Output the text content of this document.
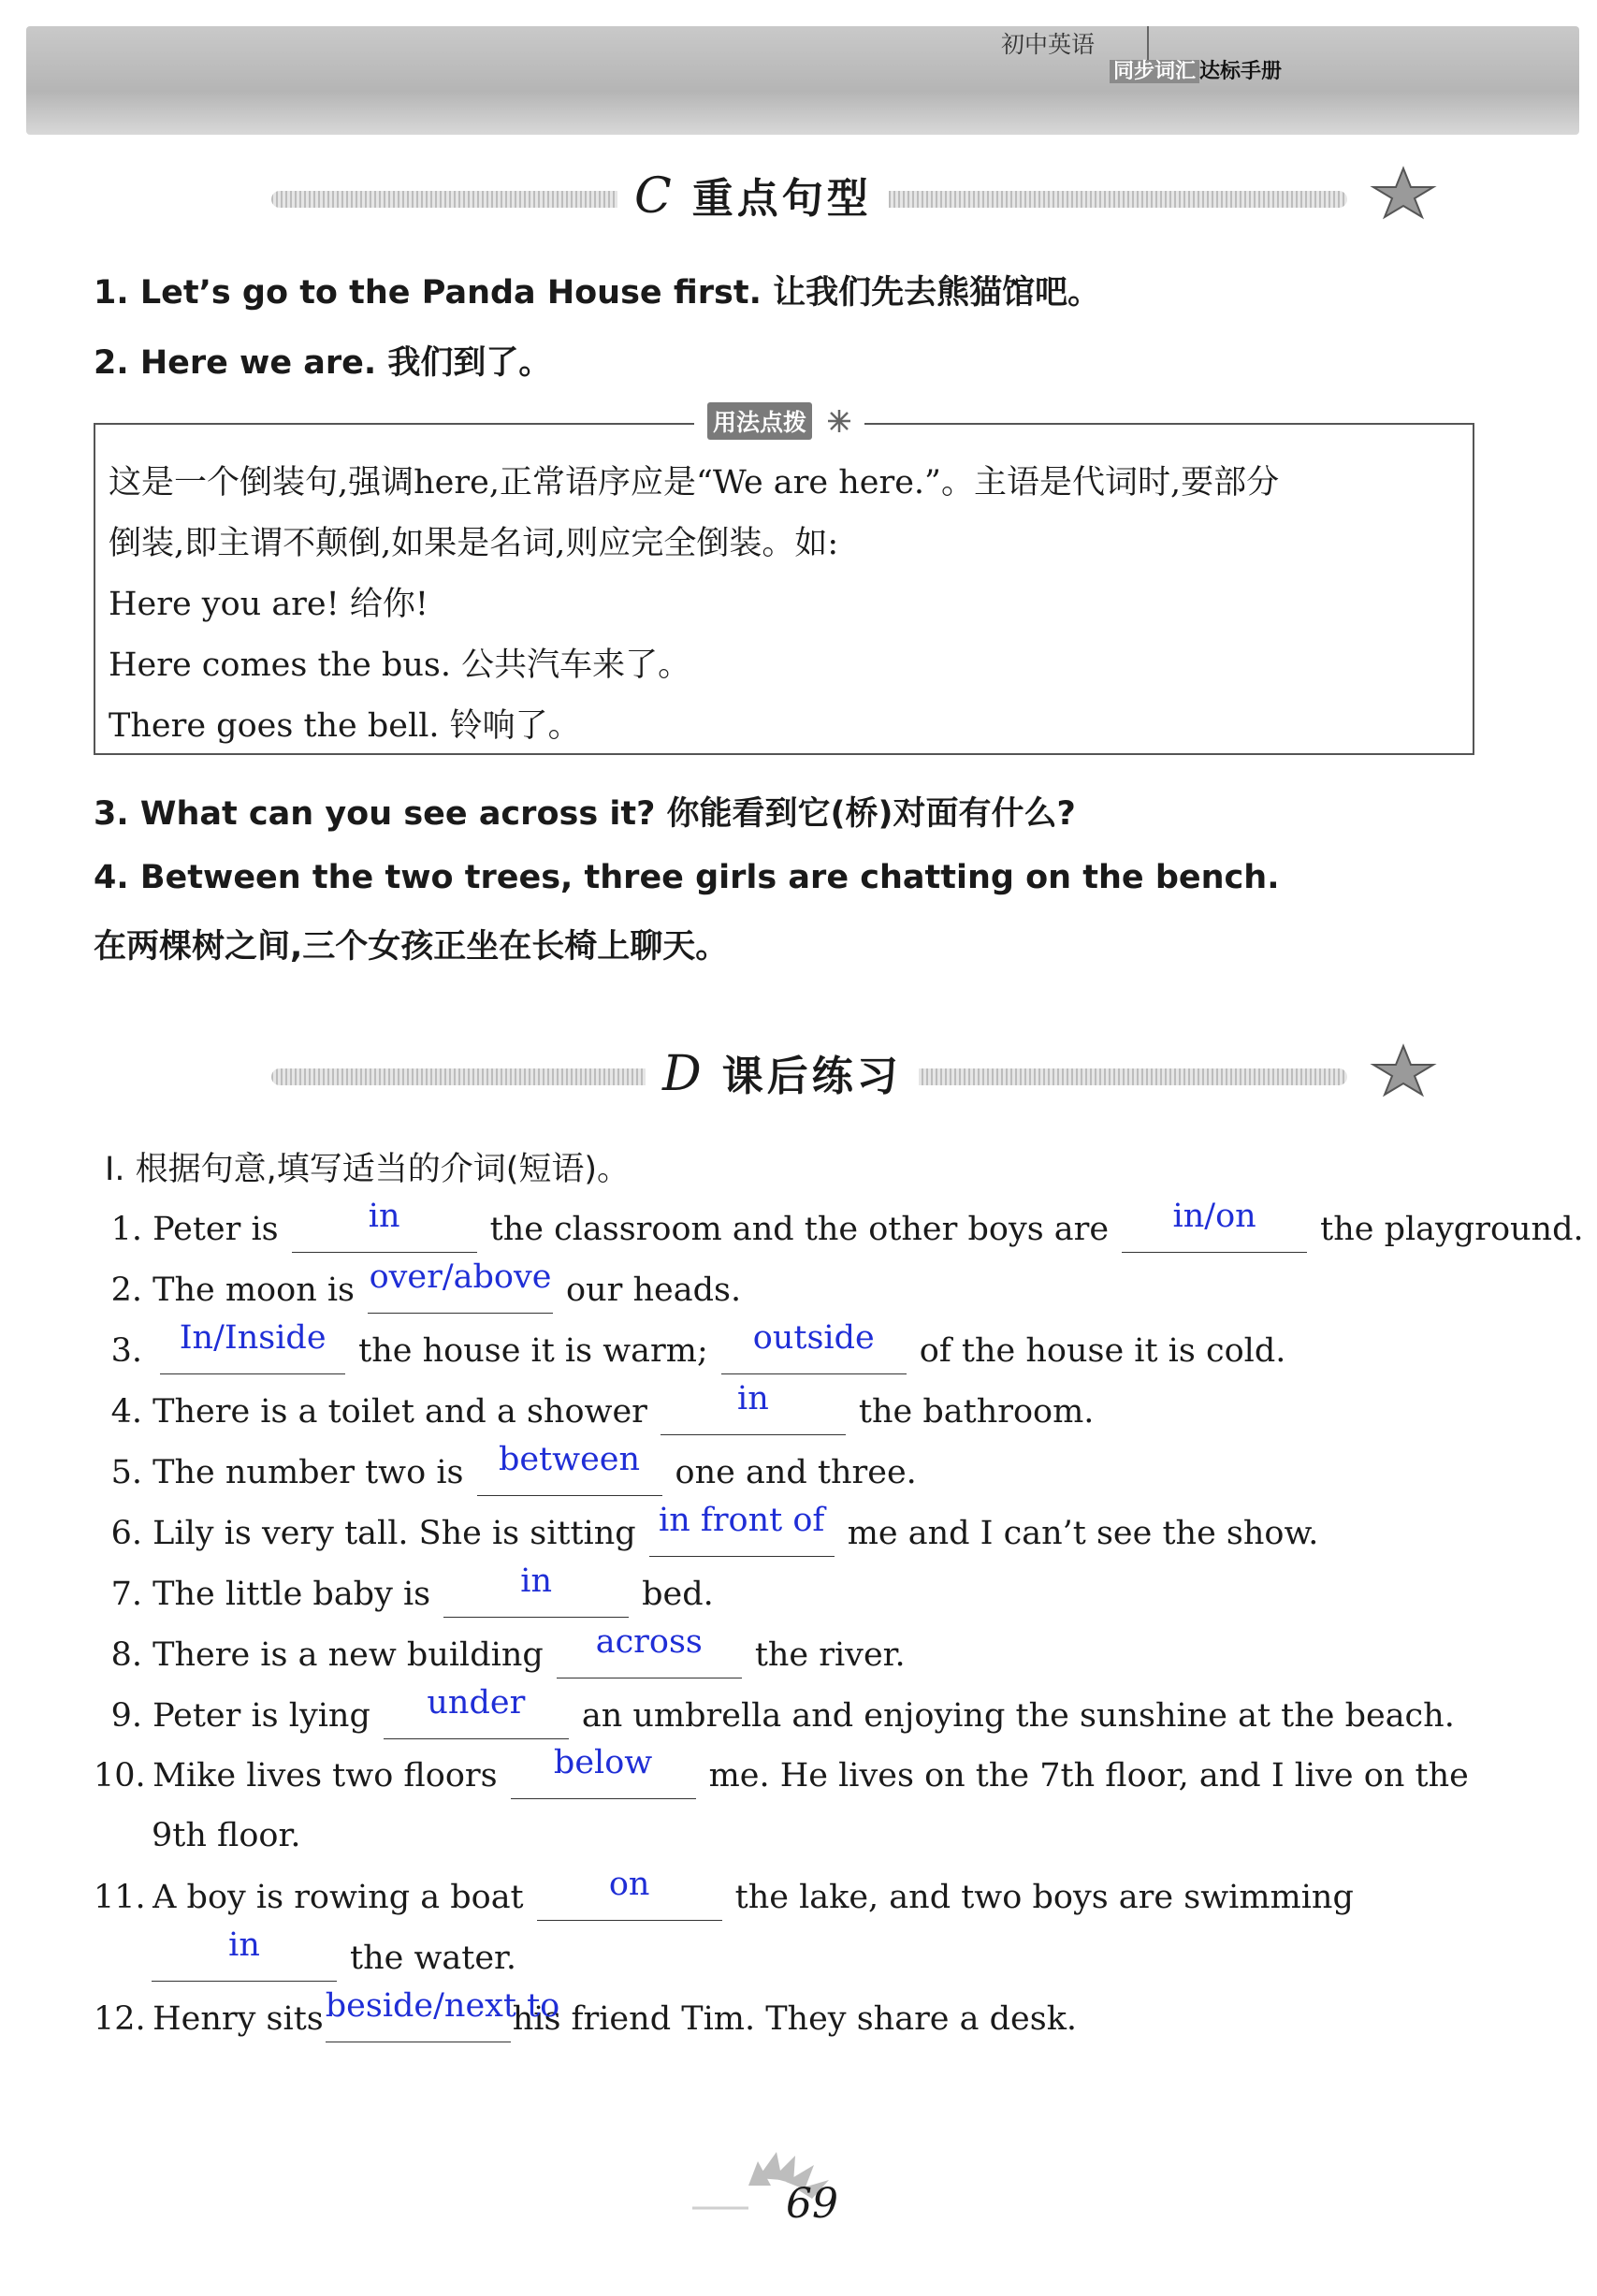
初中英语
同步词汇 达标手册
C 重点句型
1. Let’s go to the Panda House first. 让我们先去熊猫馆吧。
2. Here we are. 我们到了。
用法点拨
这是一个倒装句,强调here,正常语序应是“We are here.”。主语是代词时,要部分
倒装,即主谓不颠倒,如果是名词,则应完全倒装。如:
Here you are! 给你!
Here comes the bus. 公共汽车来了。
There goes the bell. 铃响了。
3. What can you see across it? 你能看到它(桥)对面有什么?
4. Between the two trees, three girls are chatting on the bench.
在两棵树之间,三个女孩正坐在长椅上聊天。
D 课后练习
Ⅰ. 根据句意,填写适当的介词(短语)。
1. Peter is	in	the classroom and the other boys are	in/on	the playground.
2. The moon is over/above our heads.
3.	In/Inside the house it is warm;	outside	of the house it is cold.
4. There is a toilet and a shower	in	the bathroom.
5. The number two is	between	one and three.
6. Lily is very tall. She is sitting in front of me and I can’t see the show.
7. The little baby is	in	bed.
8. There is a new building	across	the river.
9. Peter is lying	under	an umbrella and enjoying the sunshine at the beach.
10. Mike lives two floors	below	me. He lives on the 7th floor, and I live on the
9th floor.
11. A boy is rowing a boat	on	the lake, and two boys are swimming
in	the water.
12. Henry sits beside/next to
his friend Tim. They share a desk.
69
